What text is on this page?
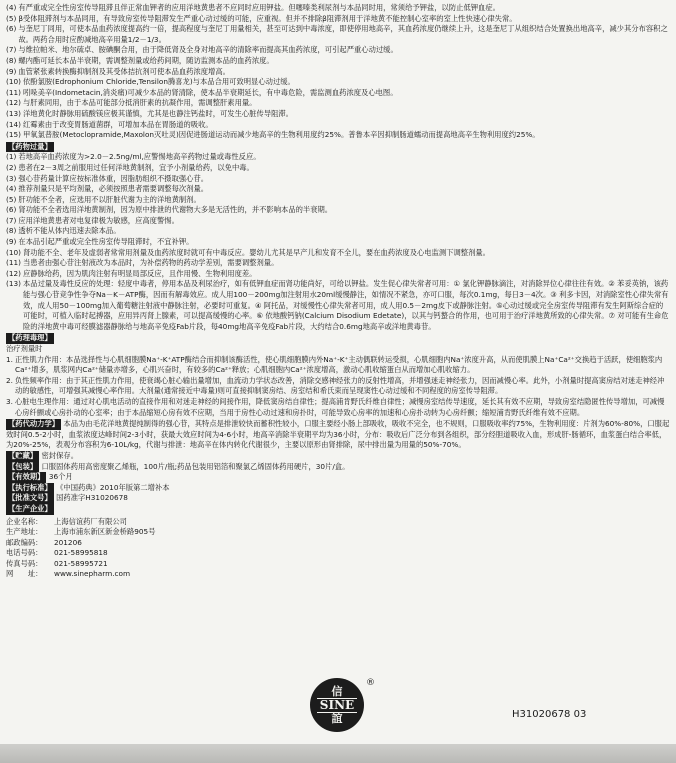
(4) 有严重或完全性房室传导阻滞且伴正常血钾者的应用洋地黄患者不应同时应用钾盐。但噻嗪类利尿剂与本品同时用，常须给予钾盐，以防止低钾血症。
(5) β受体阻滞剂与本品同用，有导致房室传导阻滞发生严重心动过缓的可能，应重视。但并不排除β阻滞剂用于洋地黄不能控制心室率的室上性快速心律失常。
(6) 与奎尼丁同用，可使本品血药浓度提高约一倍，提高程度与奎尼丁用量相关，甚至可达到中毒浓度，即使停用地高辛，其血药浓度仍继续上升，这是奎尼丁从组织结合处置换出地高辛，减少其分布容积之故。两药合用时应酌减地高辛用量1/2－1/3。
(7) 与维拉帕米、地尔硫卓、胺碘酮合用，由于降低肾及全身对地高辛的清除率而提高其血药浓度，可引起严重心动过缓。
(8) 螺内酯可延长本品半衰期，需调整剂量或给药间期，随访监测本品的血药浓度。
(9) 血管紧张素转换酶抑制剂及其受体拮抗剂可使本品血药浓度增高。
(10) 依酚氯胺(Edrophonium Chloride,Tensilon腾喜龙)与本品合用可致明显心动过缓。
(11) 吲哚美辛(Indometacin,消炎痛)可减少本品的肾清除，使本品半衰期延长，有中毒危险，需监测血药浓度及心电图。
(12) 与肝素同用，由于本品可能部分抵消肝素的抗凝作用，需调整肝素用量。
(13) 洋地黄化时静脉用硫酸镁应极其谨慎，尤其是也静注钙盐时，可发生心脏传导阻滞。
(14) 红霉素由于改变胃肠道菌群，可增加本品在胃肠道的吸收。
(15) 甲氧氯普胺(Metoclopramide,Maxolon灭吐灵)因促进肠道运动而减少地高辛的生物利用度约25%。普鲁本辛因抑制肠道蠕动而提高地高辛生物利用度约25%。
【药物过量】
(1) 若地高辛血药浓度为>2.0－2.5ng/ml,应警惕地高辛药物过量或毒性反应。
(2) 患者在2－3周之前服用过任何洋地黄制剂，宜予小剂量给药，以免中毒。
(3) 强心苷药量计算应按标准体重，因脂肪组织不摄取强心苷。
(4) 推荐剂量只是平均剂量，必须按照患者需要调整每次剂量。
(5) 肝功能不全者，应选用不以肝脏代谢为主的洋地黄制剂。
(6) 肾功能不全者选用洋地黄制剂，因为原中排泄的代谢物大多是无活性的，并不影响本品的半衰期。
(7) 应用洋地黄患者对电复律极为敏感，应高度警惕。
(8) 透析不能从体内迅速去除本品。
(9) 在本品引起严重或完全性房室传导阻滞时，不宜补钾。
(10) 肾功能不全、老年及虚弱者常常用剂量及血药浓度时就可有中毒反应。婴幼儿尤其是早产儿和发育不全儿，要在血药浓度及心电监测下调整剂量。
(11) 当患者由强心苷注射液改为本品时，为补偿药物的药动学差别，需要调整剂量。
(12) 应静脉给药，因为肌肉注射有明显局部反应，且作用慢、生物利用度差。
(13) 本品过量及毒性反应的处理：轻度中毒者，停用本品及利尿治疗，如有低钾血症而肾功能尚好，可给以钾盐。发生促心律失常者可用：① 氯化钾静脉滴注，对消除异位心律往往有效。② 苯妥英钠，该药能与强心苷竞争性争夺Na－K－ATP酶，因而有解毒效应。成人用100－200mg加注射用水20ml缓慢静注，如情况不紧急，亦可口服，每次0.1mg，每日3－4次。③ 利多卡因，对消除室性心律失常有效，成人用50－100mg加入葡萄糖注射液中静脉注射，必要时可重复。④ 阿托品，对缓慢性心律失常者可用，成人用0.5－2mg皮下或静脉注射。⑤心动过缓或完全房室传导阻滞有发生阿斯综合症的可能时，可植入临时起搏器，应用异丙肾上腺素，可以提高缓慢的心率。⑥ 依地酸钙钠(Calcium Disodium Edetate)，以其与钙螯合的作用，也可用于治疗洋地黄所致的心律失常。⑦ 对可能有生命危险的洋地黄中毒可经膜滤器静脉给与地高辛免疫Fab片段，每40mg地高辛免疫Fab片段，大约结合0.6mg地高辛或洋地黄毒苷。
【药理毒理】
治疗剂量时
1. 正性肌力作用：本品选择性与心肌细胞膜Na⁺-K⁺ATP酶结合而抑制该酶活性，使心肌细胞膜内外Na⁺-K⁺主动偶联转运受损，心肌细胞内Na⁺浓度升高，从而使肌膜上Na⁺Ca²⁺交换趋于活跃，使细胞浆内Ca²⁺增多，肌浆网内Ca²⁺储量亦增多，心肌兴奋时，有较多的Ca²⁺释放；心肌细胞内Ca²⁺浓度增高，激动心肌收缩蛋白从而增加心肌收缩力。
2. 负性频率作用：由于其正性肌力作用，使衰竭心脏心输出量增加，血流动力学状态改善，消除交感神经张力的反射性增高，并增强迷走神经张力，因而减慢心率。此外，小剂量时提高窦房结对迷走神经冲动的敏感性，可增强其减慢心率作用。大剂量(通常接近中毒量)则可直接抑制窦房结、房室结和希氏束而呈现窦性心动过缓和不同程度的房室传导阻滞。
3. 心脏电生理作用：通过对心肌电活动的直接作用和对迷走神经的间接作用，降低窦房结自律性；提高浦肯野氏纤维自律性；减慢房室结传导速度，延长其有效不应期，导致房室结隐匿性传导增加，可减慢心房纤颤或心房扑动的心室率；由于本品缩短心房有效不应期，当用于房性心动过速和房扑时，可能导致心房率的加速和心房扑动转为心房纤颤；缩短浦肯野氏纤维有效不应期。
【药代动力学】 本品为由毛花洋地黄提纯制得的强心苷，其特点是排泄较快而蓄积性较小，口服主要经小肠上部吸收，吸收不完全，也不规则，口服吸收率约75%，生物利用度：片剂为60%-80%，口服起效时间0.5-2小时，血浆浓度达峰时间2-3小时，获最大效应时间为4-6小时，地高辛消除半衰期平均为36小时，分布：吸收后广泛分布到各组织，部分经胆道吸收入血，形成肝-肠循环，血浆蛋白结合率低，为20%-25%，表观分布容积为6-10L/kg，代谢与排泄：地高辛在体内转化代谢很少，主要以原形由肾排除，尿中排出量为用量的50%-70%。
【贮藏】 密封保存。
【包装】 口服固体药用高密度聚乙烯瓶，100片/瓶;药品包装用铝箔和聚氯乙烯固体药用硬片，30片/盒。
【有效期】 36个月
【执行标准】 《中国药典》2010年版第二增补本
【批准文号】 国药准字H31020678
【生产企业】
企业名称：	上海信谊药厂有限公司
生产地址：	上海市浦东新区新金桥路905号
邮政编码：	201206
电话号码：	021-58995818
传真号码：	021-58995721
网　　址：	www.sinepharm.com
信
SINE
誼
®
H31020678 03
